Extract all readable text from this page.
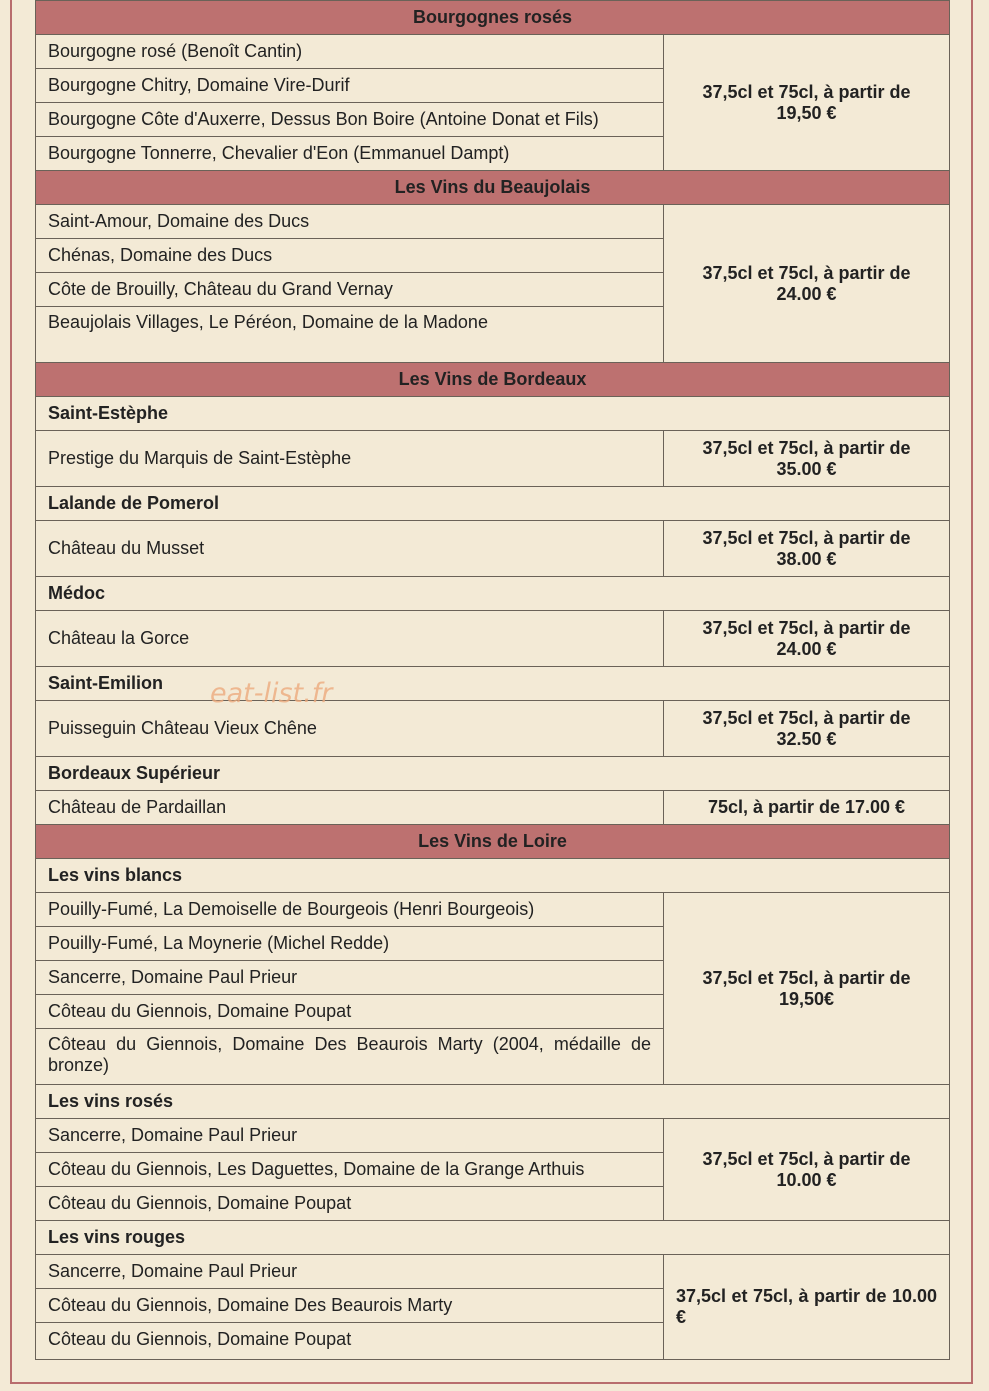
Bourgognes rosés	
Bourgogne rosé (Benoît Cantin)	37,5cl et 75cl, à partir de 19,50 €
Bourgogne Chitry, Domaine Vire-Durif	
Bourgogne Côte d'Auxerre, Dessus Bon Boire (Antoine Donat et Fils)	
Bourgogne Tonnerre, Chevalier d'Eon (Emmanuel Dampt)	
Les Vins du Beaujolais	
Saint-Amour, Domaine des Ducs	37,5cl et 75cl, à partir de 24.00 €
Chénas, Domaine des Ducs	
Côte de Brouilly, Château du Grand Vernay	
Beaujolais Villages, Le Péréon, Domaine de la Madone	
Les Vins de Bordeaux	
Saint-Estèphe	
Prestige du Marquis de Saint-Estèphe	37,5cl et 75cl, à partir de 35.00 €
Lalande de Pomerol	
Château du Musset	37,5cl et 75cl, à partir de 38.00 €
Médoc	
Château la Gorce	37,5cl et 75cl, à partir de 24.00 €
Saint-Emilion	
Puisseguin Château Vieux Chêne	37,5cl et 75cl, à partir de 32.50 €
Bordeaux Supérieur	
Château de Pardaillan	75cl, à partir de 17.00 €
Les Vins de Loire	
Les vins blancs	
Pouilly-Fumé, La Demoiselle de Bourgeois (Henri Bourgeois)	37,5cl et 75cl, à partir de 19,50€
Pouilly-Fumé, La Moynerie (Michel Redde)	
Sancerre, Domaine Paul Prieur	
Côteau du Giennois, Domaine Poupat	
Côteau du Giennois, Domaine Des Beaurois Marty (2004, médaille de bronze)	
Les vins rosés	
Sancerre, Domaine Paul Prieur	37,5cl et 75cl, à partir de 10.00 €
Côteau du Giennois, Les Daguettes, Domaine de la Grange Arthuis	
Côteau du Giennois, Domaine Poupat	
Les vins rouges	
Sancerre, Domaine Paul Prieur	37,5cl et 75cl, à partir de 10.00 €
Côteau du Giennois, Domaine Des Beaurois Marty	
Côteau du Giennois, Domaine Poupat	
eat-list.fr
